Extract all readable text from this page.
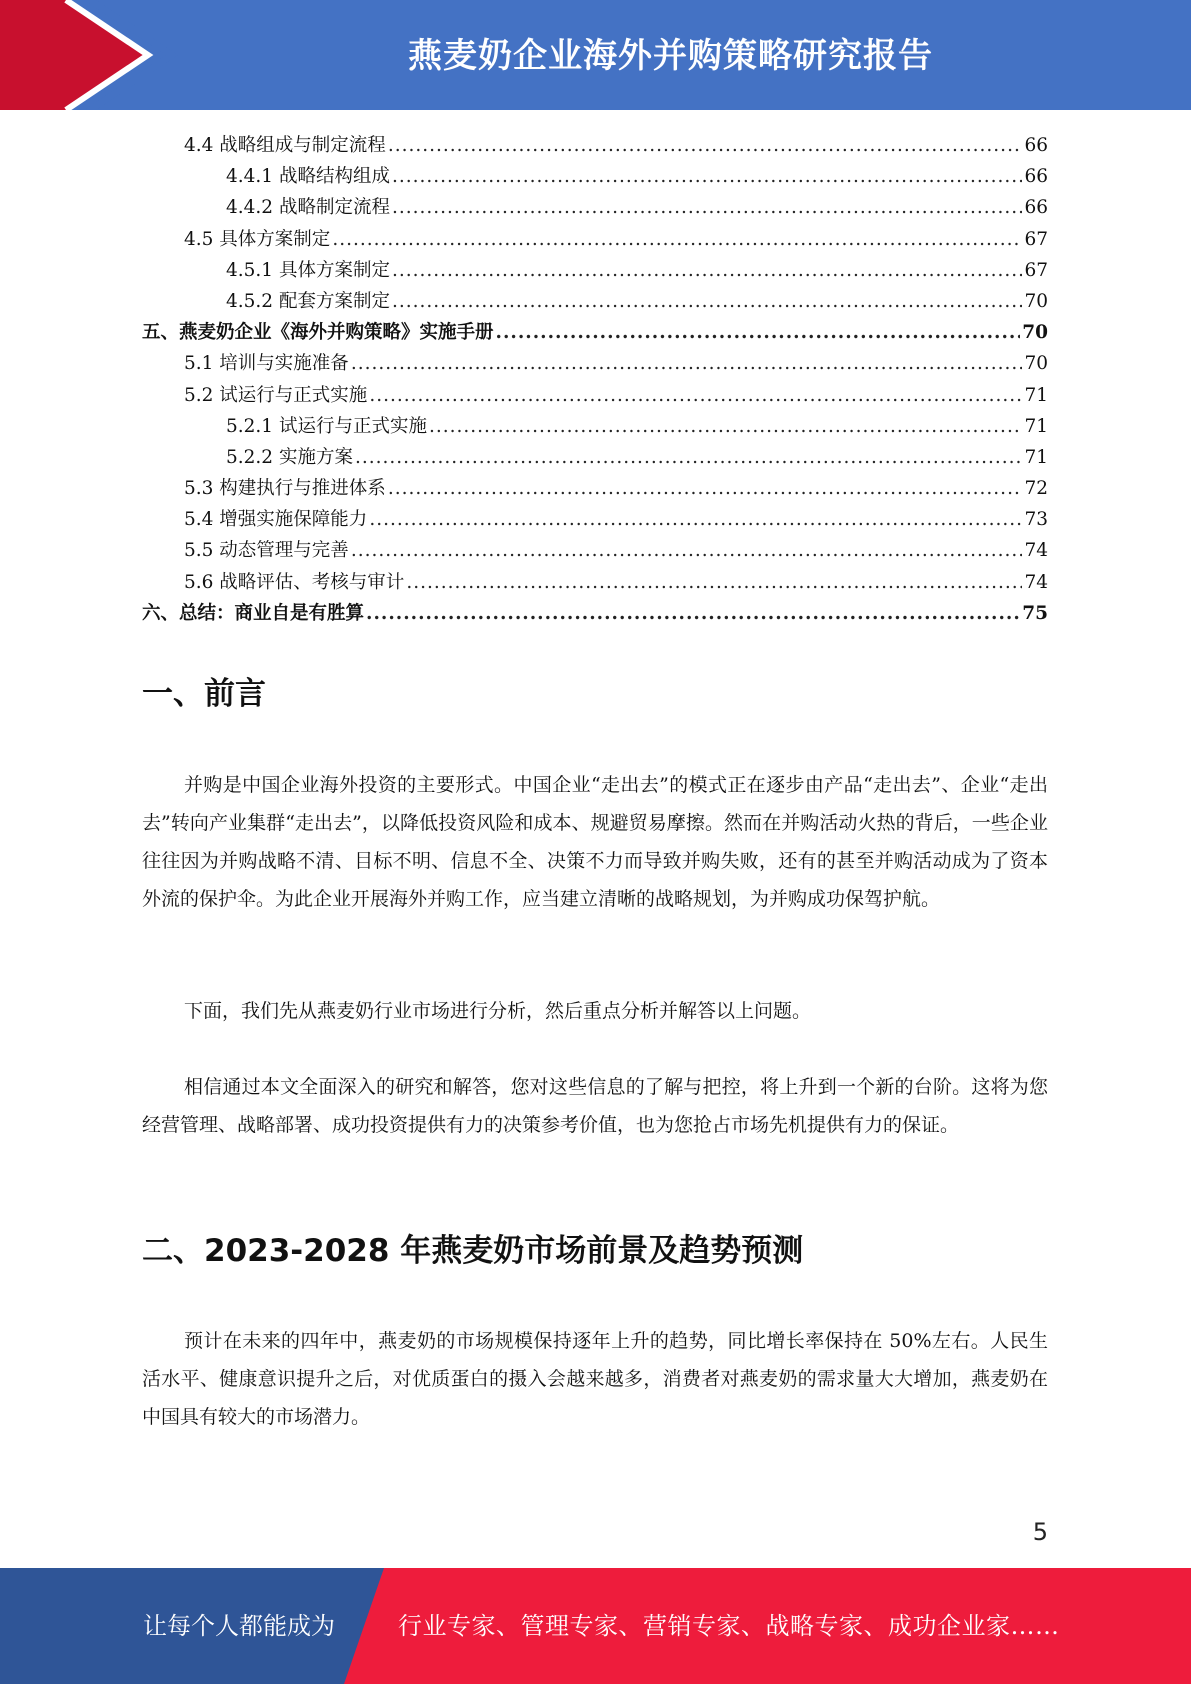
燕麦奶企业海外并购策略研究报告
4.4 战略组成与制定流程 .....	66
4.4.1 战略结构组成 .....	66
4.4.2 战略制定流程 .....	66
4.5 具体方案制定 .....	67
4.5.1 具体方案制定 .....	67
4.5.2 配套方案制定 .....	70
五、燕麦奶企业《海外并购策略》实施手册 .....	70
5.1 培训与实施准备 .....	70
5.2 试运行与正式实施 .....	71
5.2.1 试运行与正式实施 .....	71
5.2.2 实施方案 .....	71
5.3 构建执行与推进体系 .....	72
5.4 增强实施保障能力 .....	73
5.5 动态管理与完善 .....	74
5.6 战略评估、考核与审计 .....	74
六、总结：商业自是有胜算 .....	75
一、前言
并购是中国企业海外投资的主要形式。中国企业“走出去”的模式正在逐步由产品“走出去”、企业“走出去”转向产业集群“走出去”，以降低投资风险和成本、规避贸易摩擦。然而在并购活动火热的背后，一些企业往往因为并购战略不清、目标不明、信息不全、决策不力而导致并购失败，还有的甚至并购活动成为了资本外流的保护伞。为此企业开展海外并购工作，应当建立清晰的战略规划，为并购成功保驾护航。
下面，我们先从燕麦奶行业市场进行分析，然后重点分析并解答以上问题。
相信通过本文全面深入的研究和解答，您对这些信息的了解与把控，将上升到一个新的台阶。这将为您经营管理、战略部署、成功投资提供有力的决策参考价值，也为您抢占市场先机提供有力的保证。
二、2023-2028 年燕麦奶市场前景及趋势预测
预计在未来的四年中，燕麦奶的市场规模保持逐年上升的趋势，同比增长率保持在 50%左右。人民生活水平、健康意识提升之后，对优质蛋白的摄入会越来越多，消费者对燕麦奶的需求量大大增加，燕麦奶在中国具有较大的市场潜力。
5
让每个人都能成为	行业专家、管理专家、营销专家、战略专家、成功企业家……
